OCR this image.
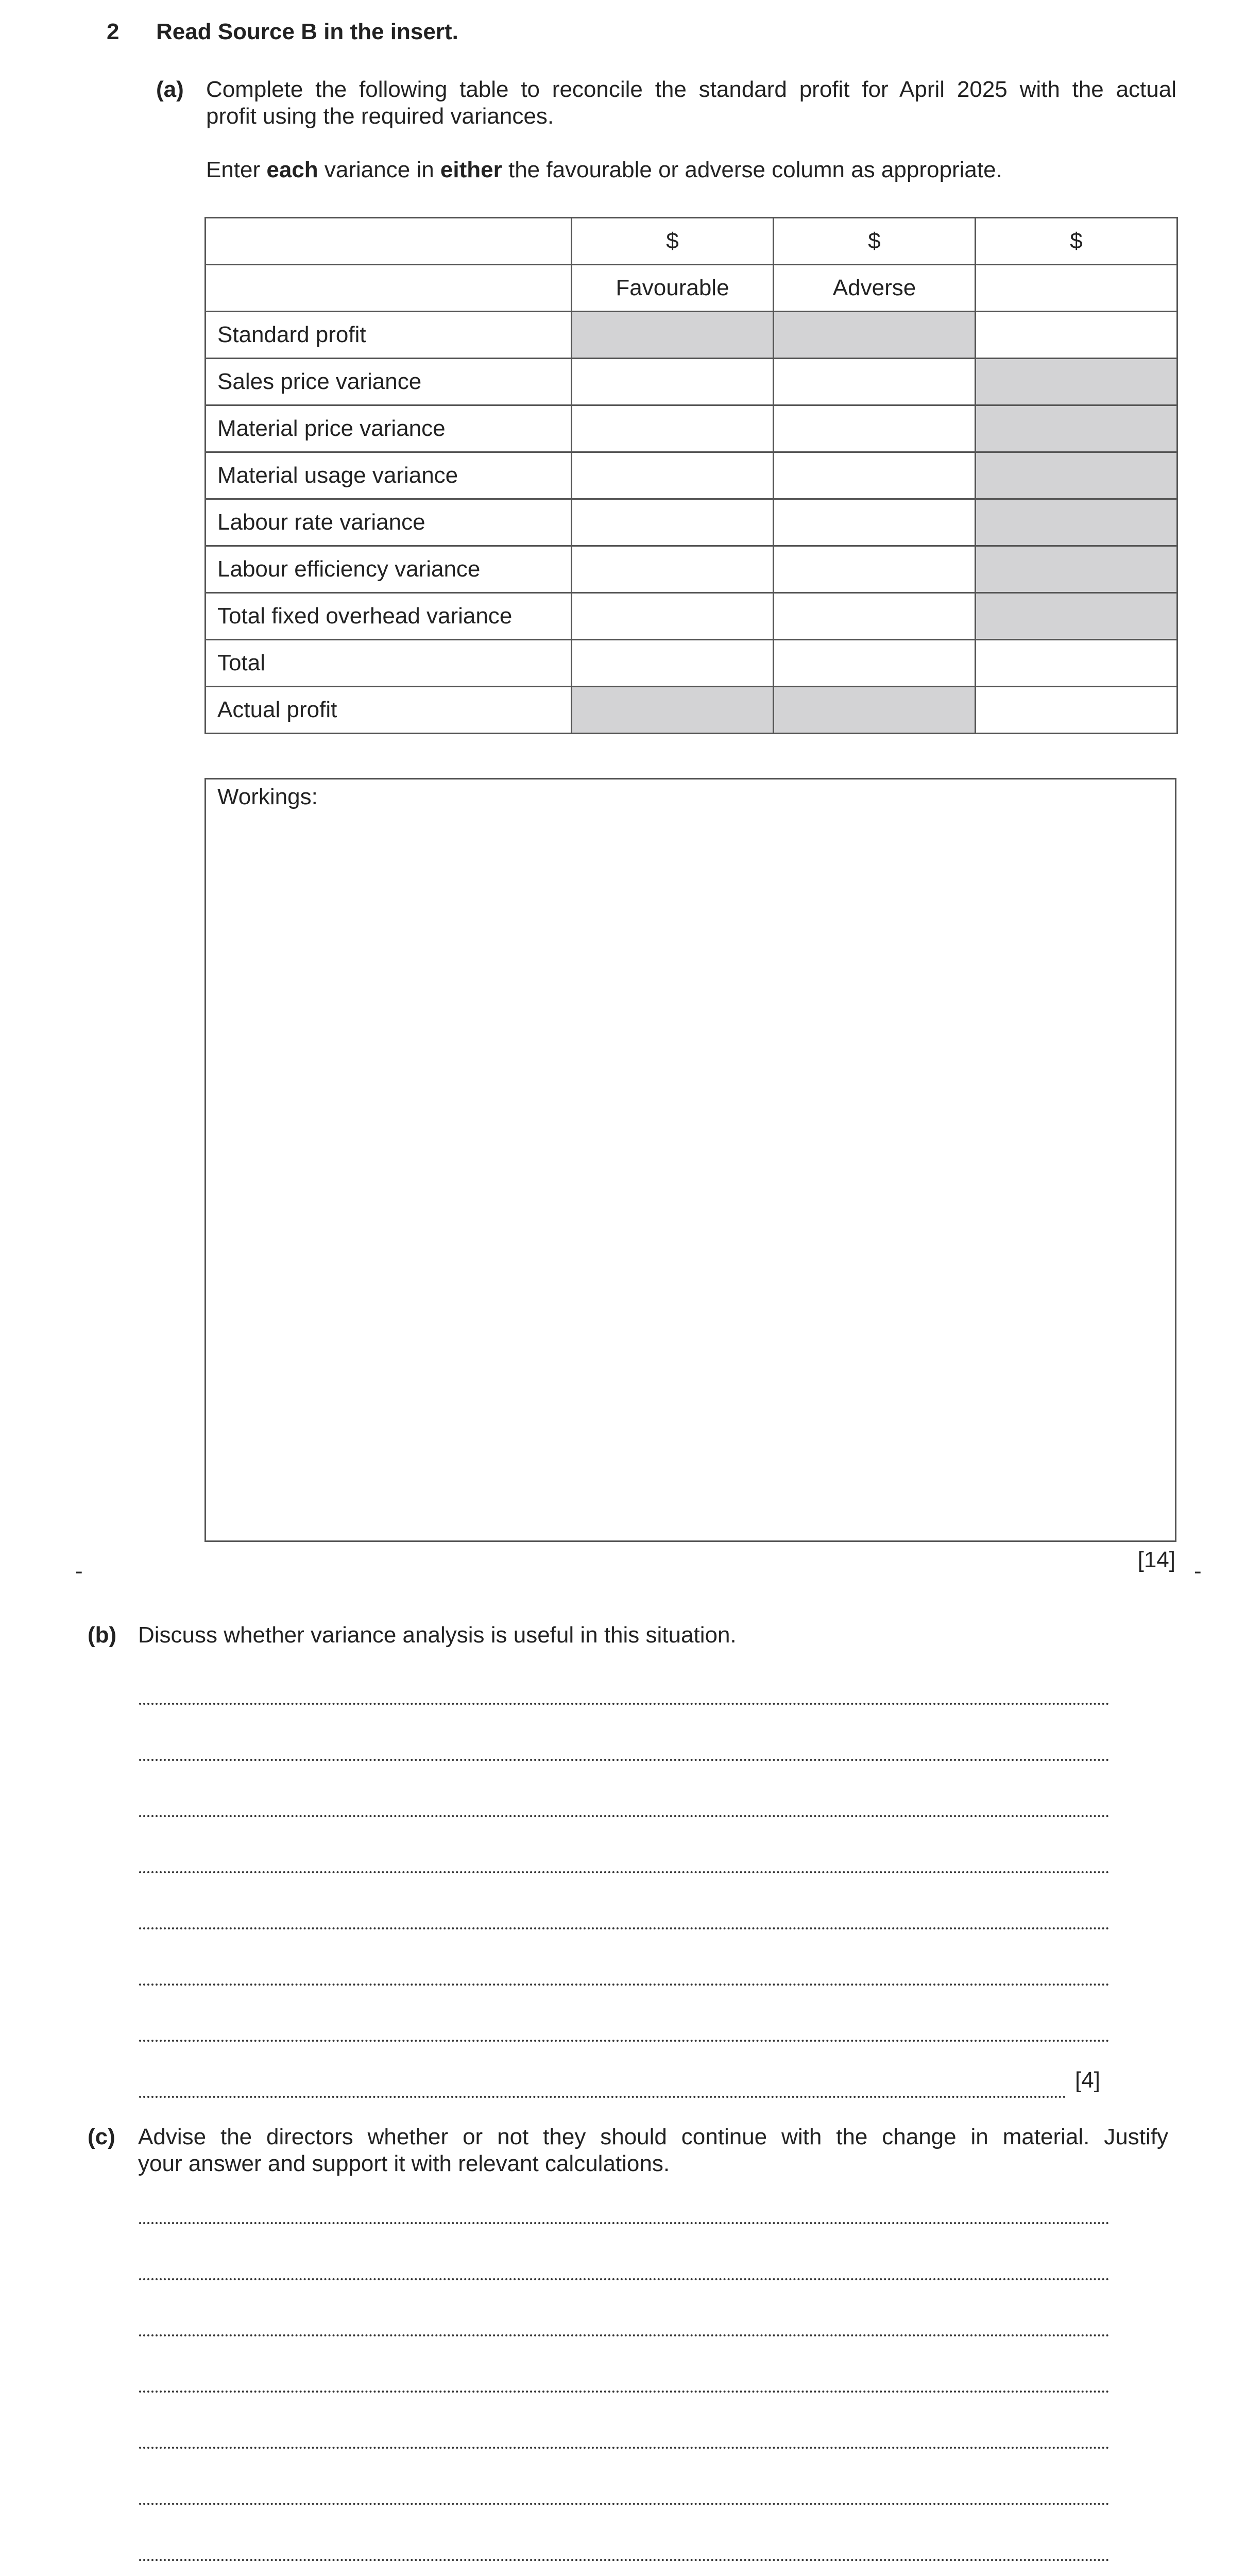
2 Read Source B in the insert.
(a) Complete the following table to reconcile the standard profit for April 2025 with the actual
profit using the required variances.
Enter each variance in either the favourable or adverse column as appropriate.
	$	$	$
	Favourable	Adverse	
Standard profit			
Sales price variance			
Material price variance			
Material usage variance			
Labour rate variance			
Labour efficiency variance			
Total fixed overhead variance			
Total			
Actual profit			
Workings:
[14]
-	-
(b) Discuss whether variance analysis is useful in this situation.
[4]
(c) Advise the directors whether or not they should continue with the change in material. Justify
your answer and support it with relevant calculations.
